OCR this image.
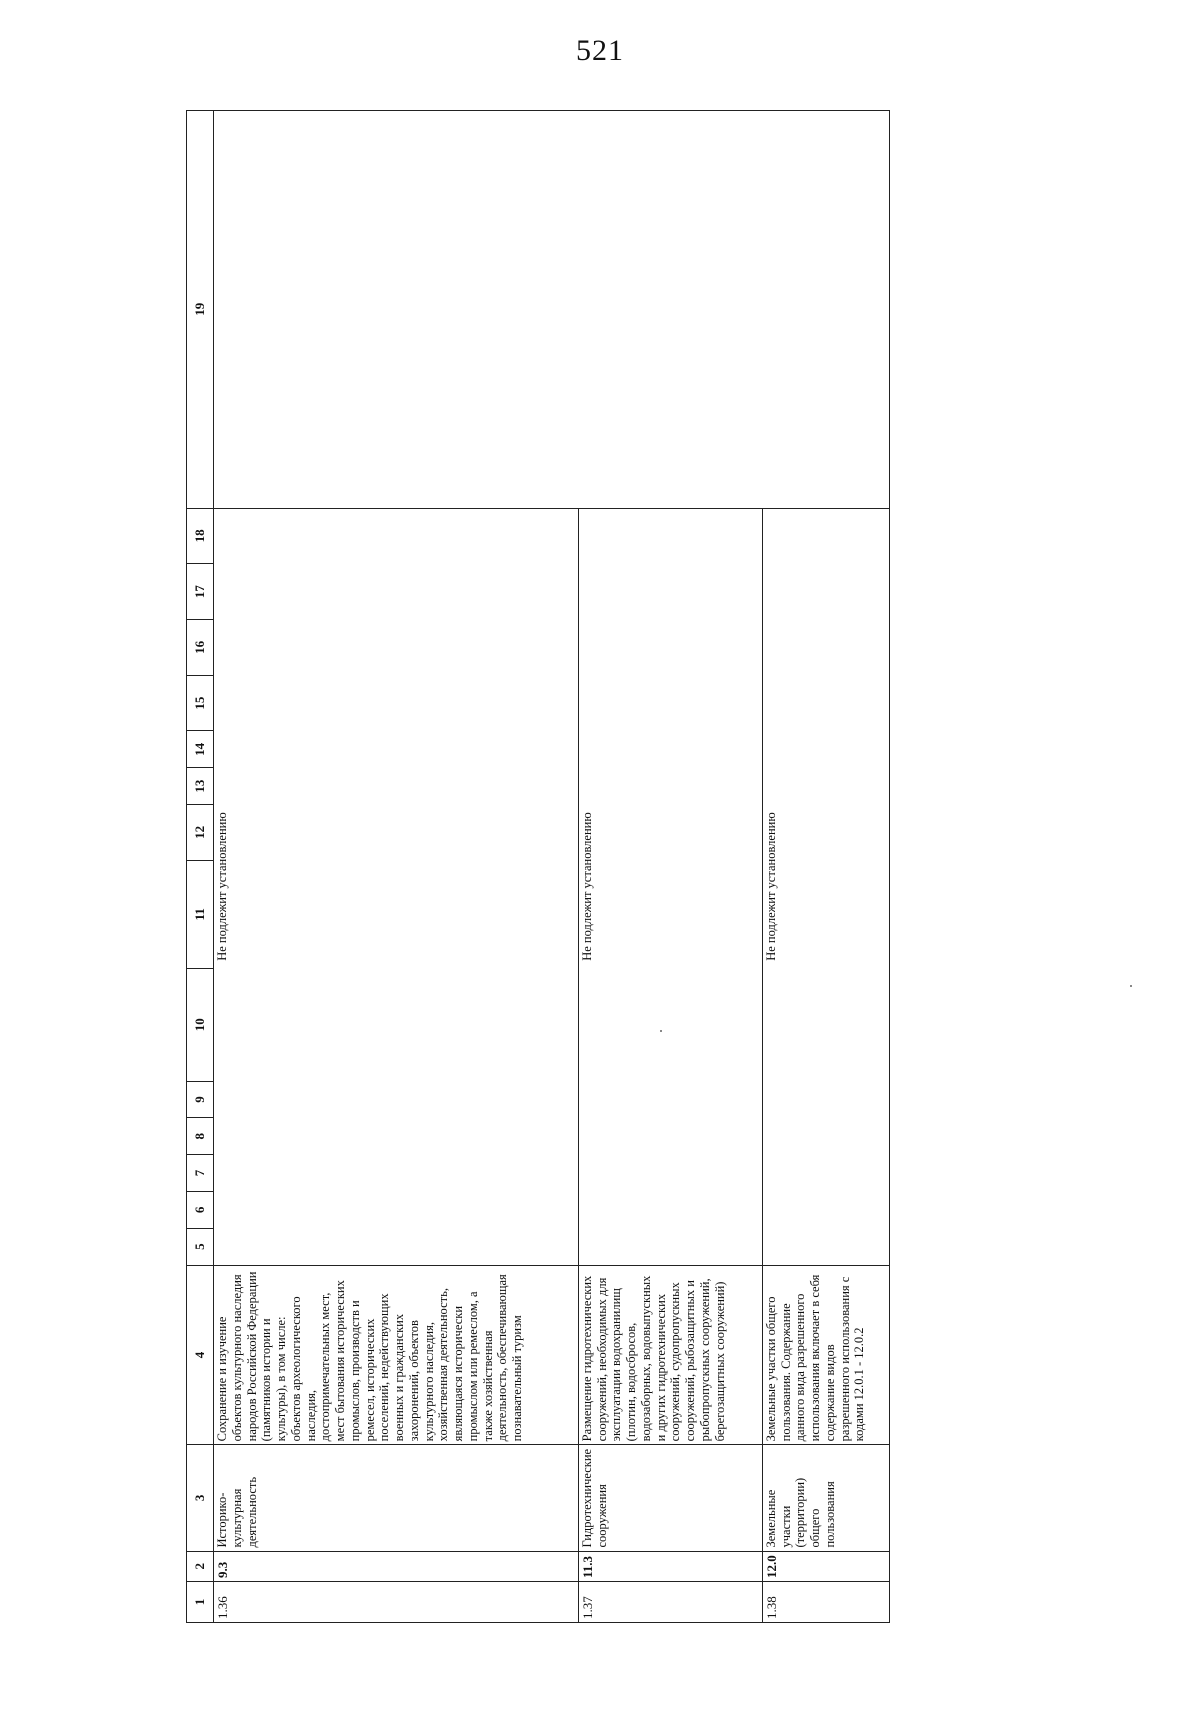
521
1	2	3	4	5	6	7	8	9	10	11	12	13	14	15	16	17	18	19
1.36	9.3	Историко-культурная деятельность	Сохранение и изучение объектов культурного наследия народов Российской Федерации (памятников истории и культуры), в том числе: объектов археологического наследия, достопримечательных мест, мест бытования исторических промыслов, производств и ремесел, исторических поселений, недействующих военных и гражданских захоронений, объектов культурного наследия, хозяйственная деятельность, являющаяся исторически промыслом или ремеслом, а также хозяйственная деятельность, обеспечивающая познавательный туризм	Не подлежит установлению														
1.37	11.3	Гидротехнические сооружения	Размещение гидротехнических сооружений, необходимых для эксплуатации водохранилищ (плотин, водосбросов, водозаборных, водовыпускных и других гидротехнических сооружений, судопропускных сооружений, рыбозащитных и рыбопропускных сооружений, берегозащитных сооружений)	Не подлежит установлению														
1.38	12.0	Земельные участки (территории) общего пользования	Земельные участки общего пользования. Содержание данного вида разрешенного использования включает в себя содержание видов разрешенного использования с кодами 12.0.1 - 12.0.2	Не подлежит установлению														
